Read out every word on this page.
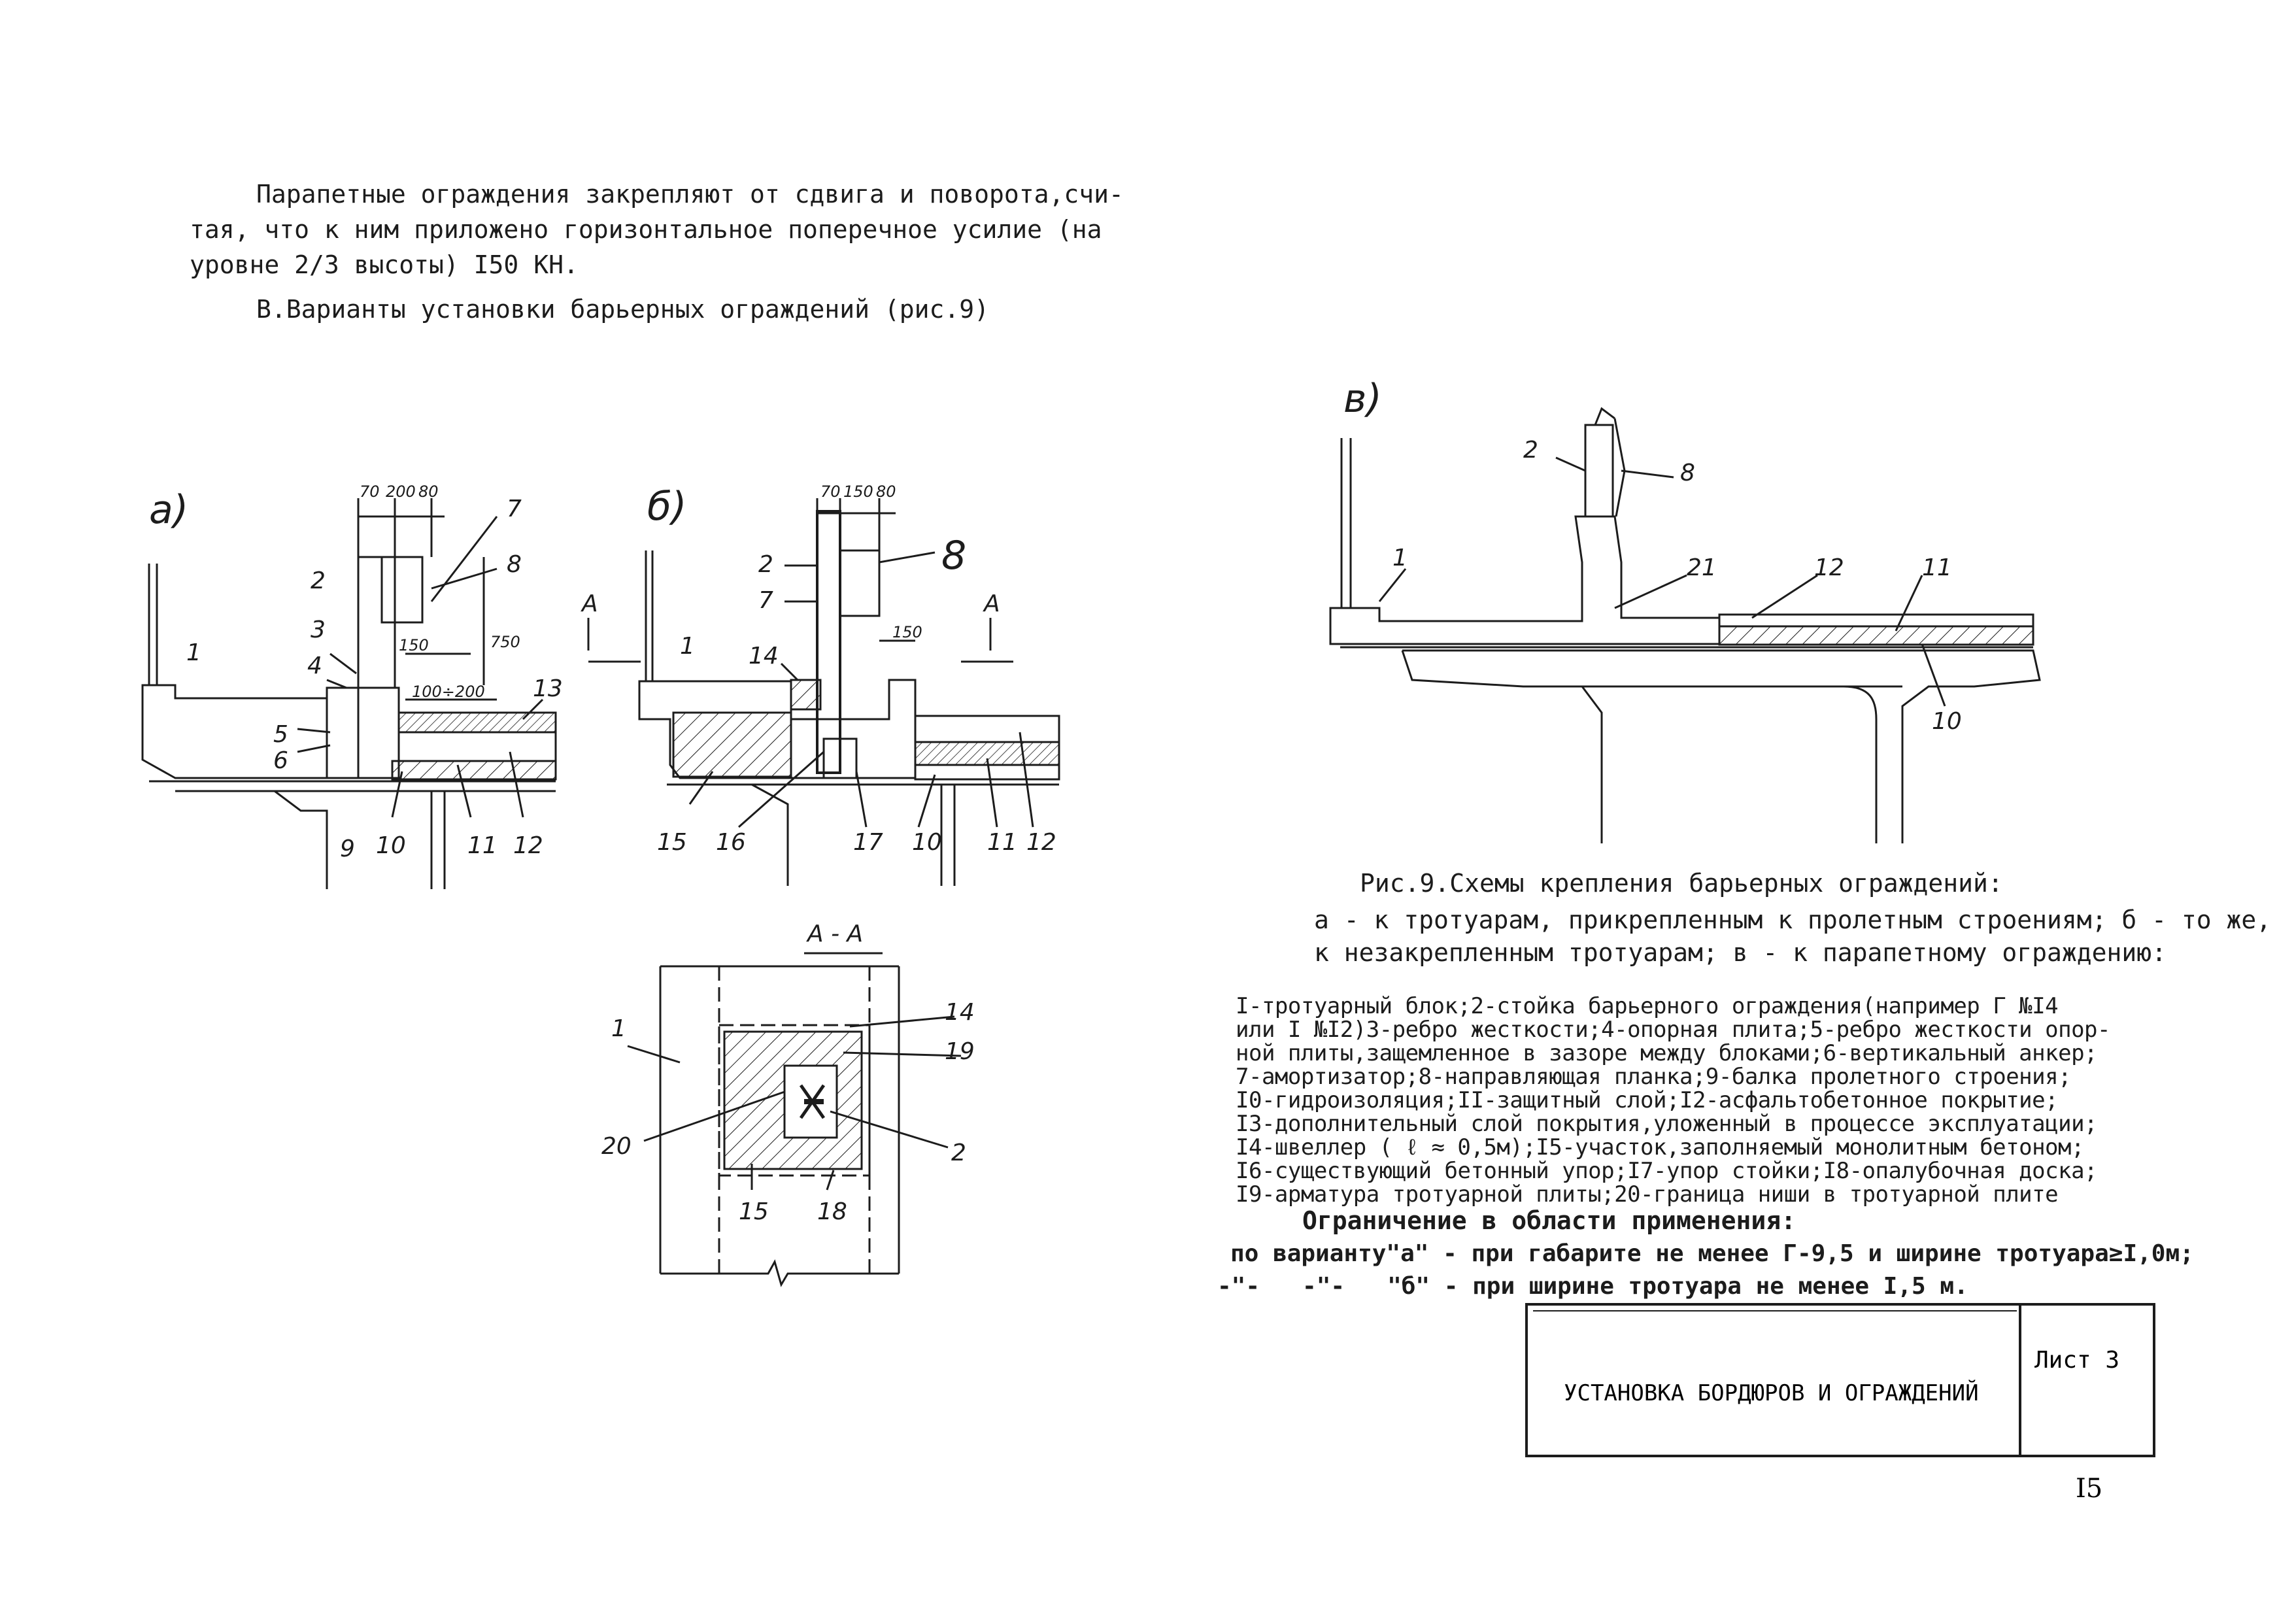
Парапетные ограждения закрепляют от сдвига и поворота,счи-
тая, что к ним приложено горизонтальное поперечное усилие (на
уровне 2/3 высоты) I50 КН.
В.Варианты установки барьерных ограждений (рис.9)
а)	70 200 80
150	750
100÷200
1
2
3
4
5
6
7
8
9 10	11 12
13
б)	70 150 80
150
А	А
1
2
7
8
14
15 16	17 10 11 12
в)
1
2
8
21	12	11
10
А - А
1
14
19
20	2
15 18
УСТАНОВКА БОРДЮРОВ И ОГРАЖДЕНИЙ
Лист 3
I5
Рис.9.Схемы крепления барьерных ограждений:
а - к тротуарам, прикрепленным к пролетным строениям; б - то же,
к незакрепленным тротуарам; в - к парапетному ограждению:
I-тротуарный блок;2-стойка барьерного ограждения(например Г №I4
или I №I2)3-ребро жесткости;4-опорная плита;5-ребро жесткости опор-
ной плиты,защемленное в зазоре между блоками;6-вертикальный анкер;
7-амортизатор;8-направляющая планка;9-балка пролетного строения;
I0-гидроизоляция;II-защитный слой;I2-асфальтобетонное покрытие;
I3-дополнительный слой покрытия,уложенный в процессе эксплуатации;
I4-швеллер ( ℓ ≈ 0,5м);I5-участок,заполняемый монолитным бетоном;
I6-существующий бетонный упор;I7-упор стойки;I8-опалубочная доска;
I9-арматура тротуарной плиты;20-граница ниши в тротуарной плите
Ограничение в области применения:
по варианту"а" - при габарите не менее Г-9,5 и ширине тротуара≥I,0м;
-"-   -"-   "б" - при ширине тротуара не менее I,5 м.
